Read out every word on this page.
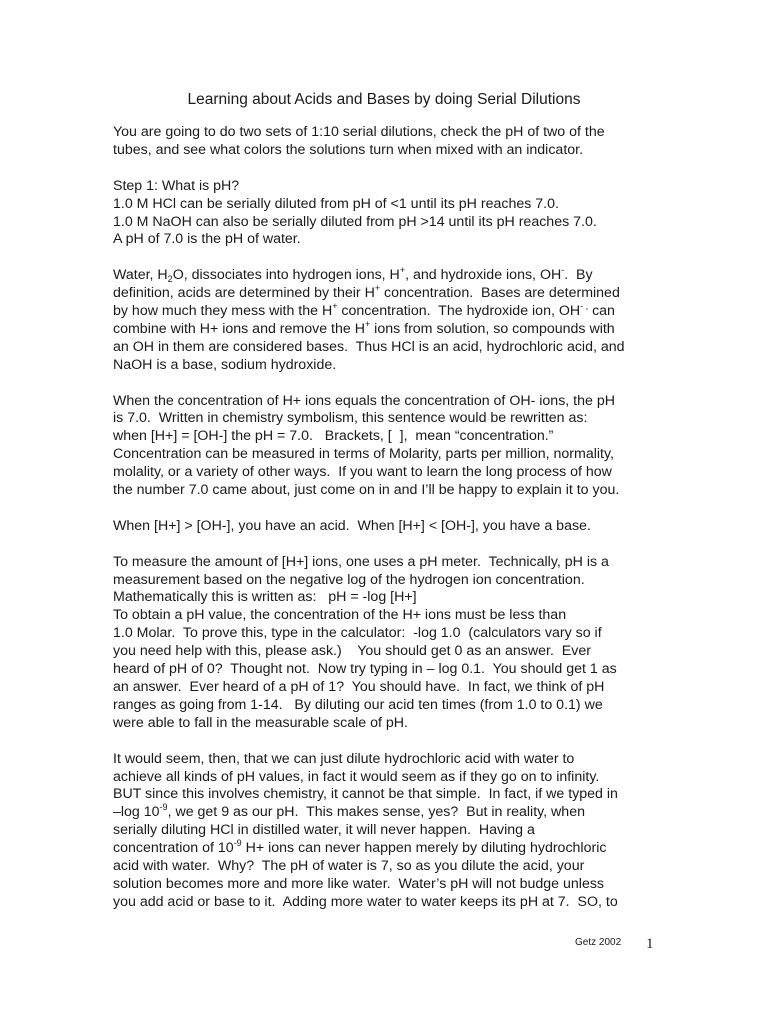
Learning about Acids and Bases by doing Serial Dilutions
You are going to do two sets of 1:10 serial dilutions, check the pH of two of the
tubes, and see what colors the solutions turn when mixed with an indicator.
Step 1: What is pH?
1.0 M HCl can be serially diluted from pH of <1 until its pH reaches 7.0.
1.0 M NaOH can also be serially diluted from pH >14 until its pH reaches 7.0.
A pH of 7.0 is the pH of water.
Water, $H_2O$, dissociates into hydrogen ions, H+, and hydroxide ions, OH-.  By
definition, acids are determined by their H+ concentration.  Bases are determined
by how much they mess with the H+ concentration.  The hydroxide ion, OH- , can
combine with H+ ions and remove the H+ ions from solution, so compounds with
an OH in them are considered bases.  Thus HCl is an acid, hydrochloric acid, and
NaOH is a base, sodium hydroxide.
When the concentration of H+ ions equals the concentration of OH- ions, the pH
is 7.0.  Written in chemistry symbolism, this sentence would be rewritten as:
when [H+] = [OH-] the pH = 7.0.   Brackets, [  ],  mean “concentration.”
Concentration can be measured in terms of Molarity, parts per million, normality,
molality, or a variety of other ways.  If you want to learn the long process of how
the number 7.0 came about, just come on in and I’ll be happy to explain it to you.
When [H+] > [OH-], you have an acid.  When [H+] < [OH-], you have a base.
To measure the amount of [H+] ions, one uses a pH meter.  Technically, pH is a
measurement based on the negative log of the hydrogen ion concentration.
Mathematically this is written as:   pH = -log [H+]
To obtain a pH value, the concentration of the H+ ions must be less than
1.0 Molar.  To prove this, type in the calculator:  -log 1.0  (calculators vary so if
you need help with this, please ask.)    You should get 0 as an answer.  Ever
heard of pH of 0?  Thought not.  Now try typing in – log 0.1.  You should get 1 as
an answer.  Ever heard of a pH of 1?  You should have.  In fact, we think of pH
ranges as going from 1-14.   By diluting our acid ten times (from 1.0 to 0.1) we
were able to fall in the measurable scale of pH.
It would seem, then, that we can just dilute hydrochloric acid with water to
achieve all kinds of pH values, in fact it would seem as if they go on to infinity.
BUT since this involves chemistry, it cannot be that simple.  In fact, if we typed in
–log $10^{-9}$, we get 9 as our pH.  This makes sense, yes?  But in reality, when
serially diluting HCl in distilled water, it will never happen.  Having a
concentration of $10^{-9}$ H+ ions can never happen merely by diluting hydrochloric
acid with water.  Why?  The pH of water is 7, so as you dilute the acid, your
solution becomes more and more like water.  Water’s pH will not budge unless
you add acid or base to it.  Adding more water to water keeps its pH at 7.  SO, to
Getz 2002 1
